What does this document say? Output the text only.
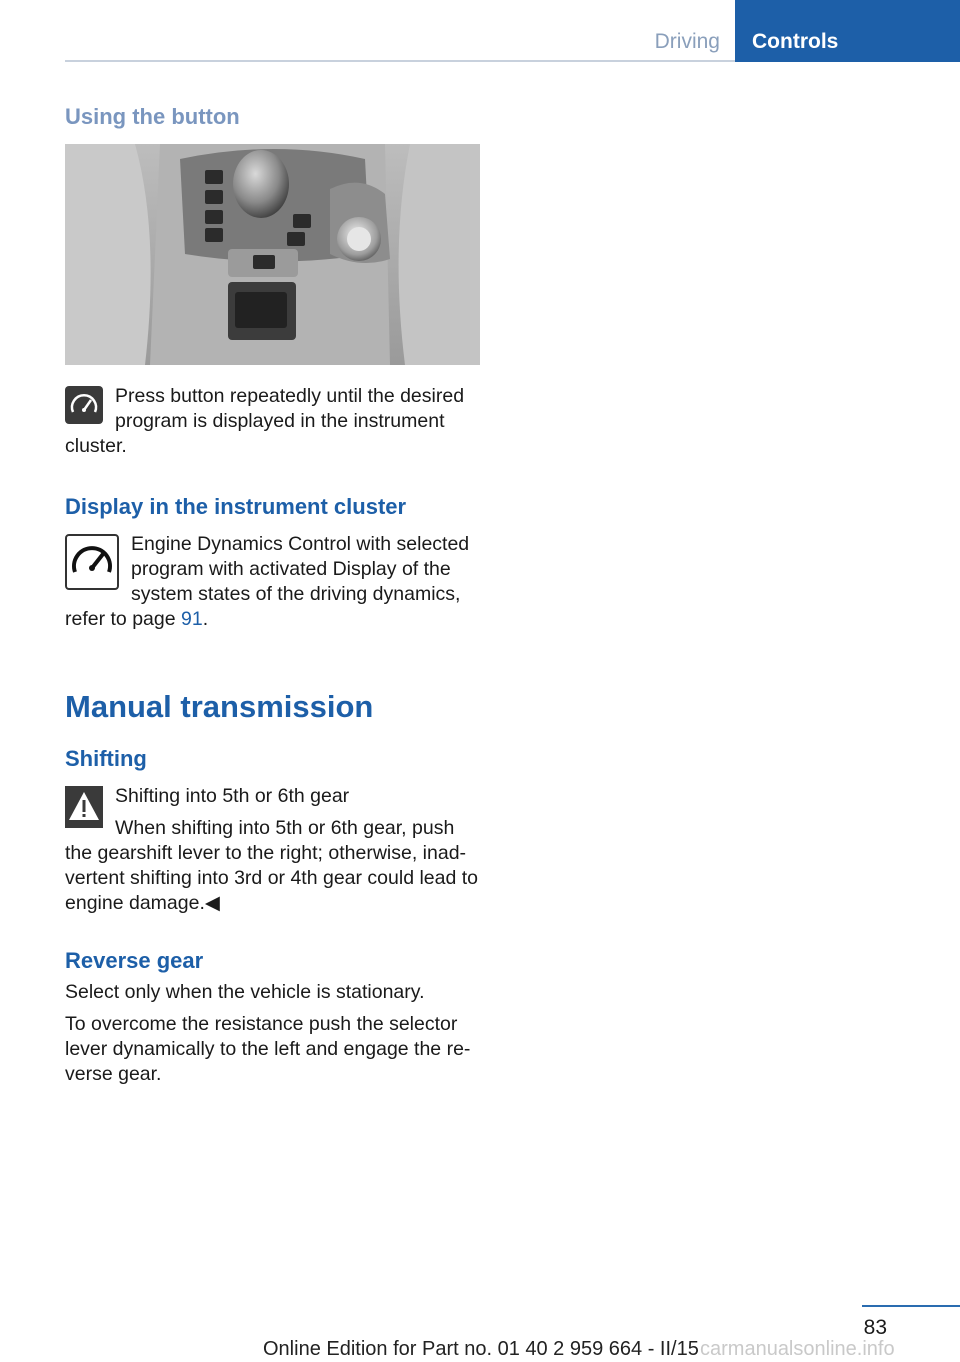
Driving Controls
Using the button

Press button repeatedly until the desired program is displayed in the instrument cluster.

Display in the instrument cluster

Engine Dynamics Control with selected program with activated Display of the system states of the driving dynamics, refer to page 91.

Manual transmission
Shifting

Shifting into 5th or 6th gear

When shifting into 5th or 6th gear, push the gearshift lever to the right; otherwise, inad‐ vertent shifting into 3rd or 4th gear could lead to engine damage.◀

Reverse gear

Select only when the vehicle is stationary.

To overcome the resistance push the selector lever dynamically to the left and engage the re‐ verse gear.

83
Online Edition for Part no. 01 40 2 959 664 - II/15 carmanualsonline.info
